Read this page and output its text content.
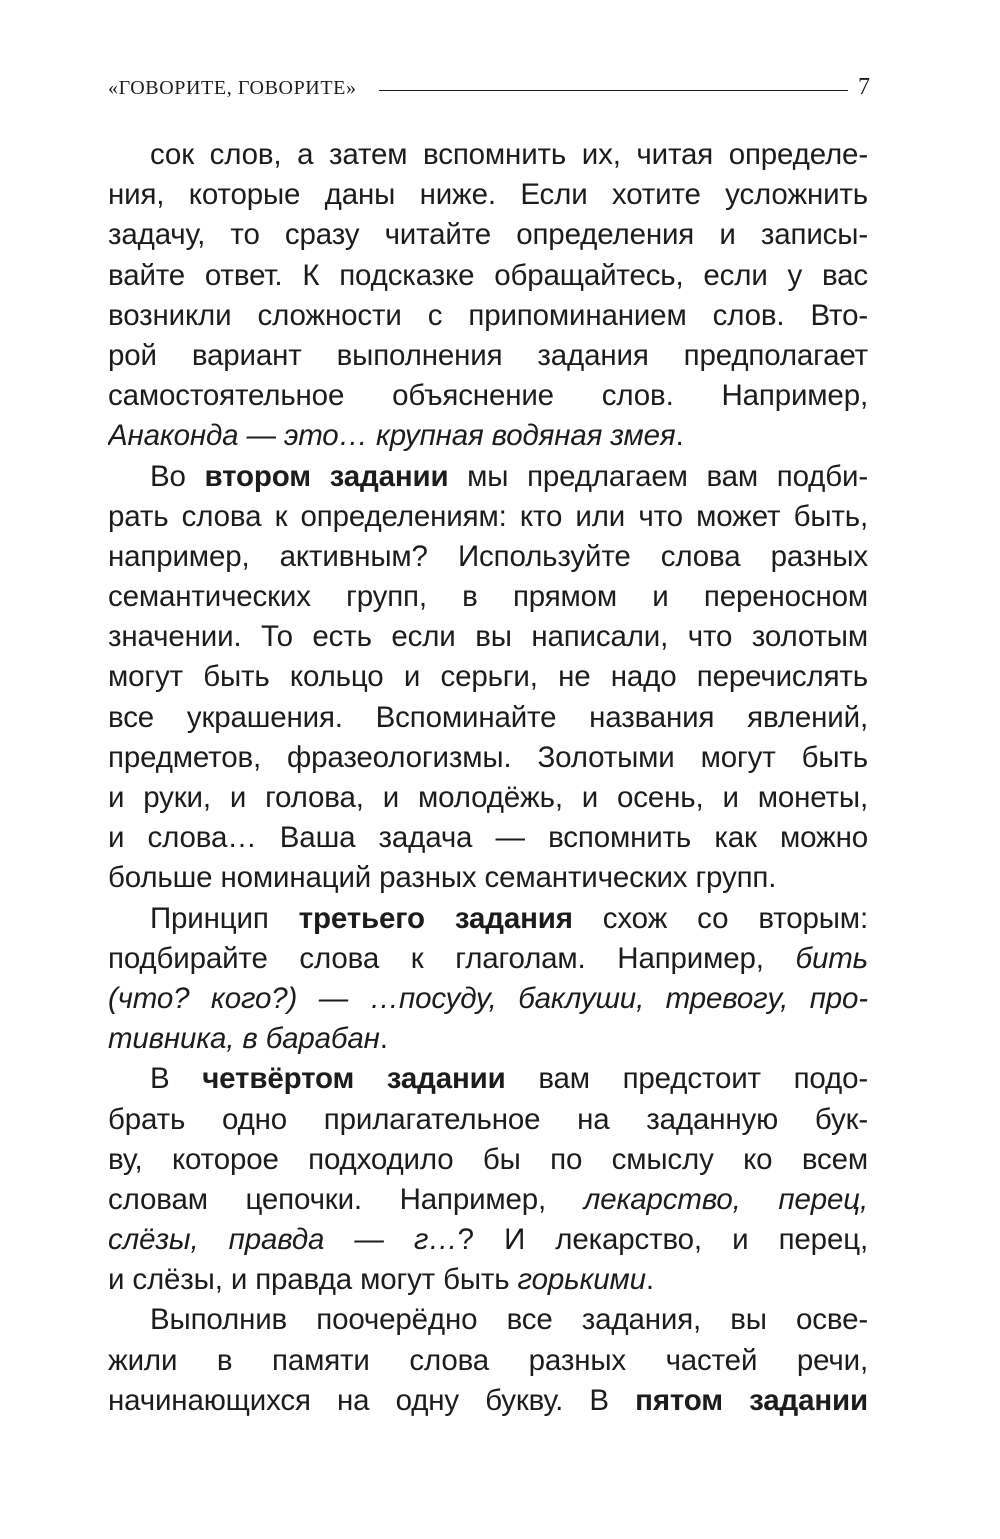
«ГОВОРИТЕ, ГОВОРИТЕ»	7
сок слов, а затем вспомнить их, читая определе-
ния, которые даны ниже. Если хотите усложнить
задачу, то сразу читайте определения и записы-
вайте ответ. К подсказке обращайтесь, если у вас
возникли сложности с припоминанием слов. Вто-
рой вариант выполнения задания предполагает
самостоятельное объяснение слов. Например,
Анаконда — это… крупная водяная змея.
Во втором задании мы предлагаем вам подби-
рать слова к определениям: кто или что может быть,
например, активным? Используйте слова разных
семантических групп, в прямом и переносном
значении. То есть если вы написали, что золотым
могут быть кольцо и серьги, не надо перечислять
все украшения. Вспоминайте названия явлений,
предметов, фразеологизмы. Золотыми могут быть
и руки, и голова, и молодёжь, и осень, и монеты,
и слова… Ваша задача — вспомнить как можно
больше номинаций разных семантических групп.
Принцип третьего задания схож со вторым:
подбирайте слова к глаголам. Например, бить
(что? кого?) — …посуду, баклуши, тревогу, про-
тивника, в барабан.
В четвёртом задании вам предстоит подо-
брать одно прилагательное на заданную бук-
ву, которое подходило бы по смыслу ко всем
словам цепочки. Например, лекарство, перец,
слёзы, правда — г…? И лекарство, и перец,
и слёзы, и правда могут быть горькими.
Выполнив поочерёдно все задания, вы осве-
жили в памяти слова разных частей речи,
начинающихся на одну букву. В пятом задании
